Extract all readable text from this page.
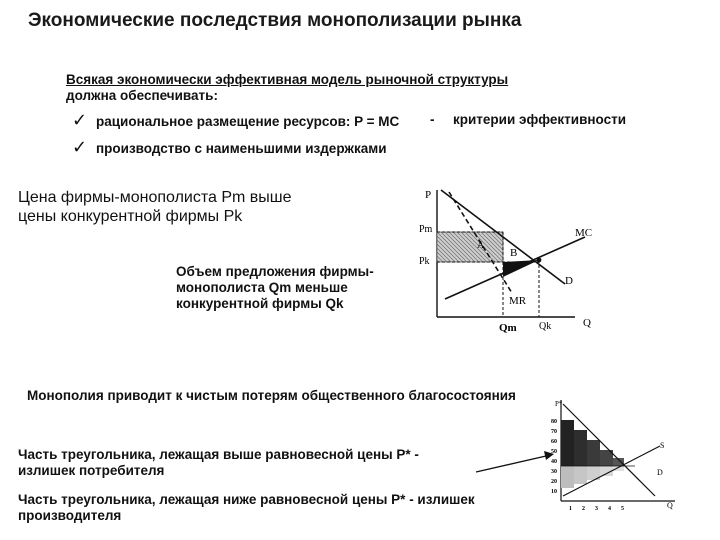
Экономические последствия монополизации рынка
Всякая экономически эффективная модель рыночной структуры должна обеспечивать:
✓ рациональное размещение ресурсов: P = MC - критерии эффективности
✓ производство с наименьшими издержками
Цена фирмы-монополиста Pm выше цены конкурентной фирмы Pk
Объем предложения фирмы-монополиста Qm меньше конкурентной фирмы Qk
P
Pm
Pk
A
B
MC
D
MR
Qm Qk	Q
Монополия приводит к чистым потерям общественного благосостояния
Часть треугольника, лежащая выше равновесной цены P* - излишек потребителя
Часть треугольника, лежащая ниже равновесной цены P* - излишек производителя
P*
S
D
Q
80
70
60
50
40
30
20
10
1 2 3 4 5
